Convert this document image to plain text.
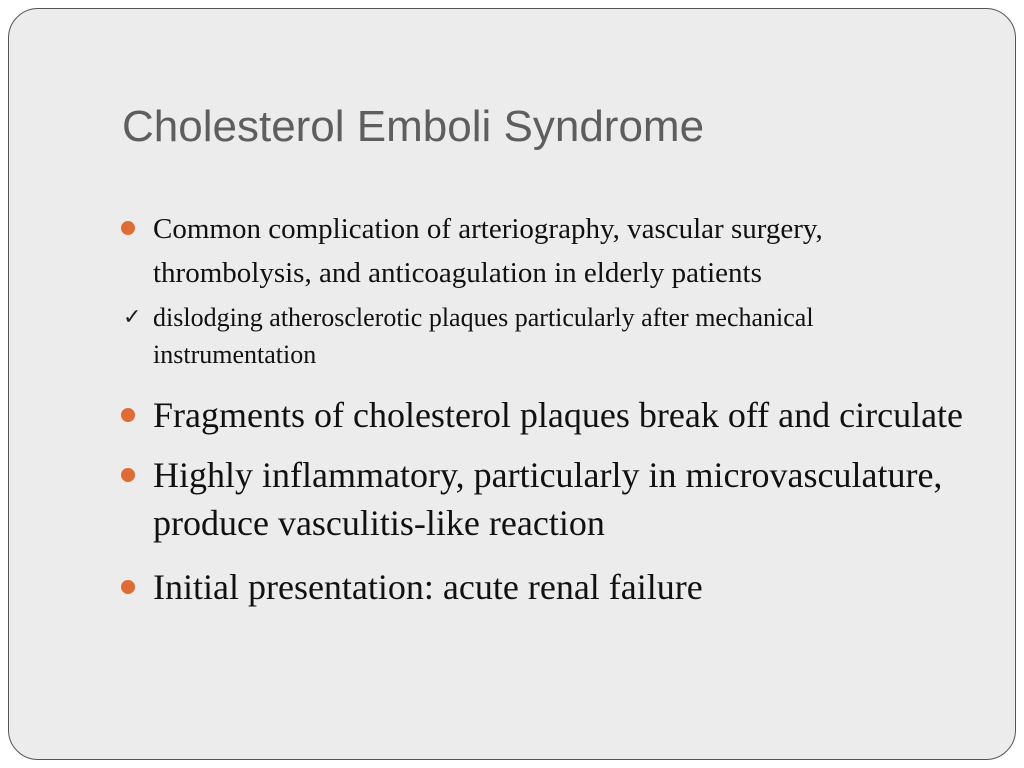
Cholesterol Emboli Syndrome
Common complication of arteriography, vascular surgery, thrombolysis, and anticoagulation in elderly patients
✓ dislodging atherosclerotic plaques particularly after mechanical instrumentation
Fragments of cholesterol plaques break off and circulate
Highly inflammatory, particularly in microvasculature, produce vasculitis-like reaction
Initial presentation: acute renal failure
